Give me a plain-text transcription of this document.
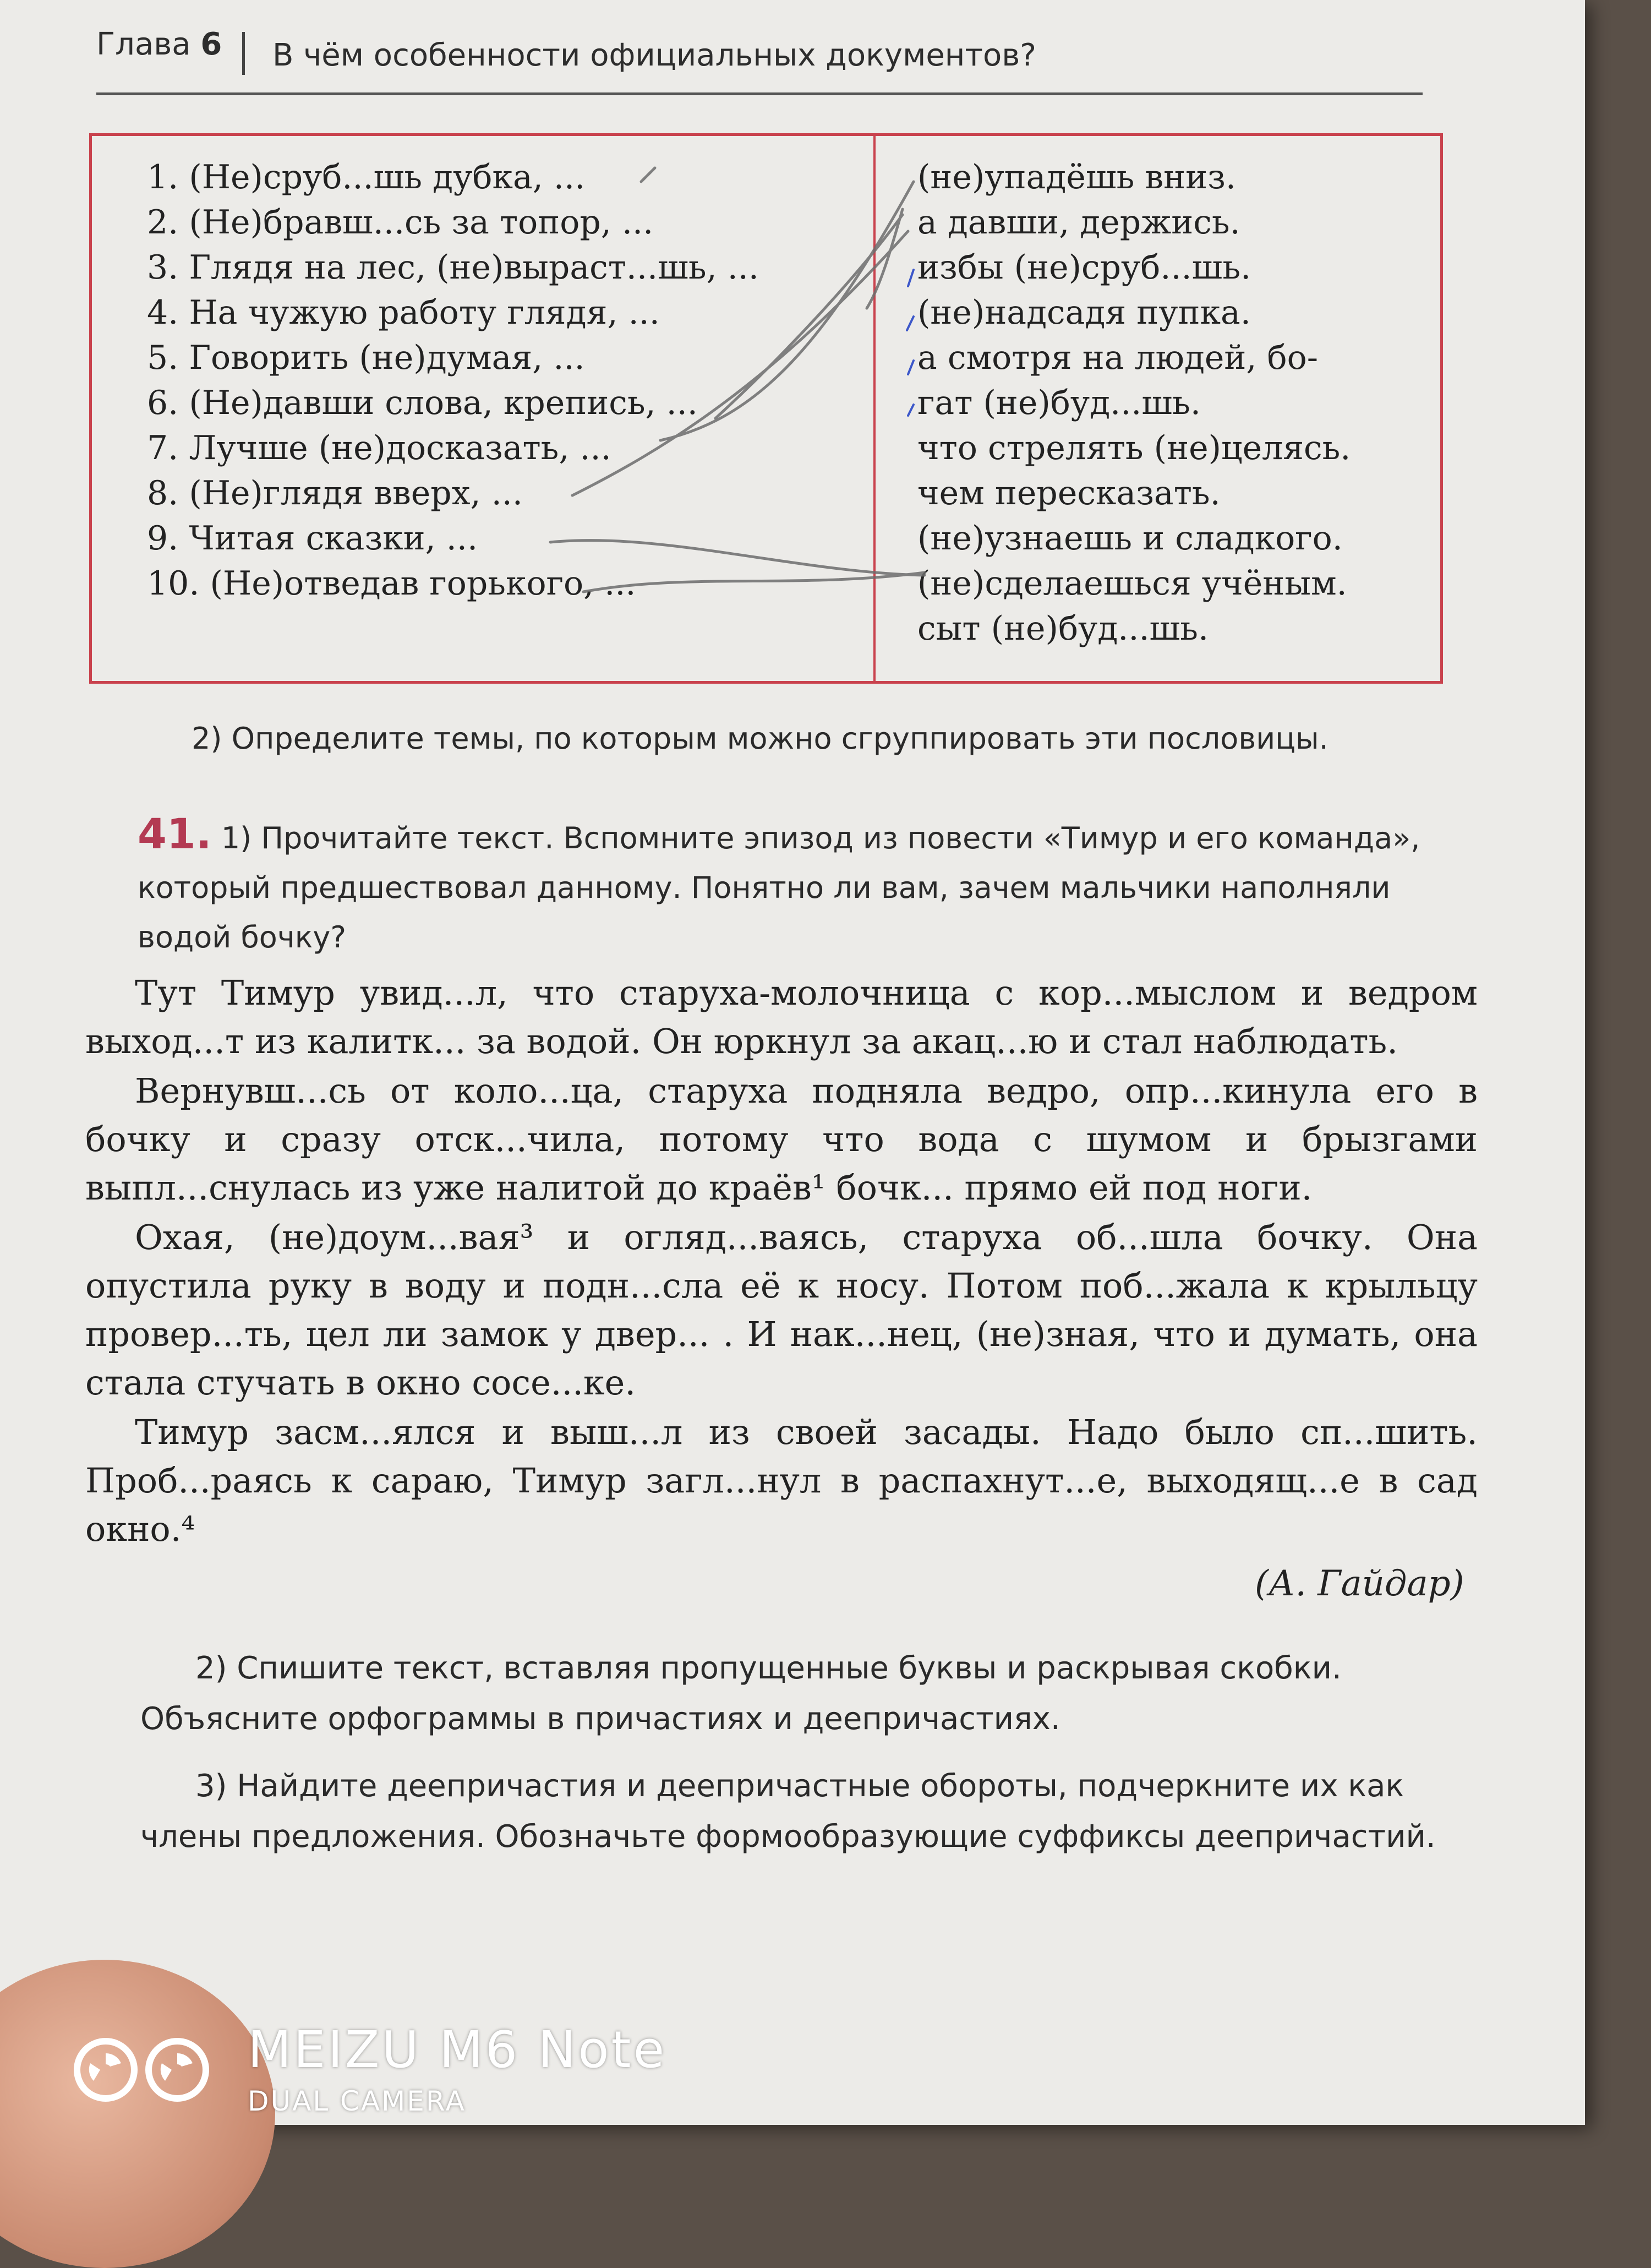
Глава 6 В чём особенности официальных документов?
1. (Не)сруб...шь дубка, ...
2. (Не)бравш...сь за топор, ...
3. Глядя на лес, (не)выраст...шь, ...
4. На чужую работу глядя, ...
5. Говорить (не)думая, ...
6. (Не)давши слова, крепись, ...
7. Лучше (не)досказать, ...
8. (Не)глядя вверх, ...
9. Читая сказки, ...
10. (Не)отведав горького, ...
(не)упадёшь вниз.
а давши, держись.
избы (не)сруб...шь.
(не)надсадя пупка.
а смотря на людей, бо-
гат (не)буд...шь.
что стрелять (не)целясь.
чем пересказать.
(не)узнаешь и сладкого.
(не)сделаешься учёным.
сыт (не)буд...шь.
2) Определите темы, по которым можно сгруппировать эти пословицы.
41. 1) Прочитайте текст. Вспомните эпизод из повести «Тимур и его команда», который предшествовал данному. Понятно ли вам, зачем мальчики наполняли водой бочку?

Тут Тимур увид...л, что старуха-молочница с кор...мыслом и ведром выход...т из калитк... за водой. Он юркнул за акац...ю и стал наблюдать.

Вернувш...сь от коло...ца, старуха подняла ведро, опр...кинула его в бочку и сразу отск...чила, потому что вода с шумом и брызгами выпл...снулась из уже налитой до краёв¹ бочк... прямо ей под ноги.

Охая, (не)доум...вая³ и огляд...ваясь, старуха об...шла бочку. Она опустила руку в воду и подн...сла её к носу. Потом поб...жала к крыльцу провер...ть, цел ли замок у двер... . И нак...нец, (не)зная, что и думать, она стала стучать в окно сосе...ке.

Тимур засм...ялся и выш...л из своей засады. Надо было сп...шить. Проб...раясь к сараю, Тимур загл...нул в распахнут...е, выходящ...е в сад окно.⁴

(А. Гайдар)

2) Спишите текст, вставляя пропущенные буквы и раскрывая скобки. Объясните орфограммы в причастиях и деепричастиях.

3) Найдите деепричастия и деепричастные обороты, подчеркните их как члены предложения. Обозначьте формообразующие суффиксы деепричастий.

MEIZU M6 Note
DUAL CAMERA
